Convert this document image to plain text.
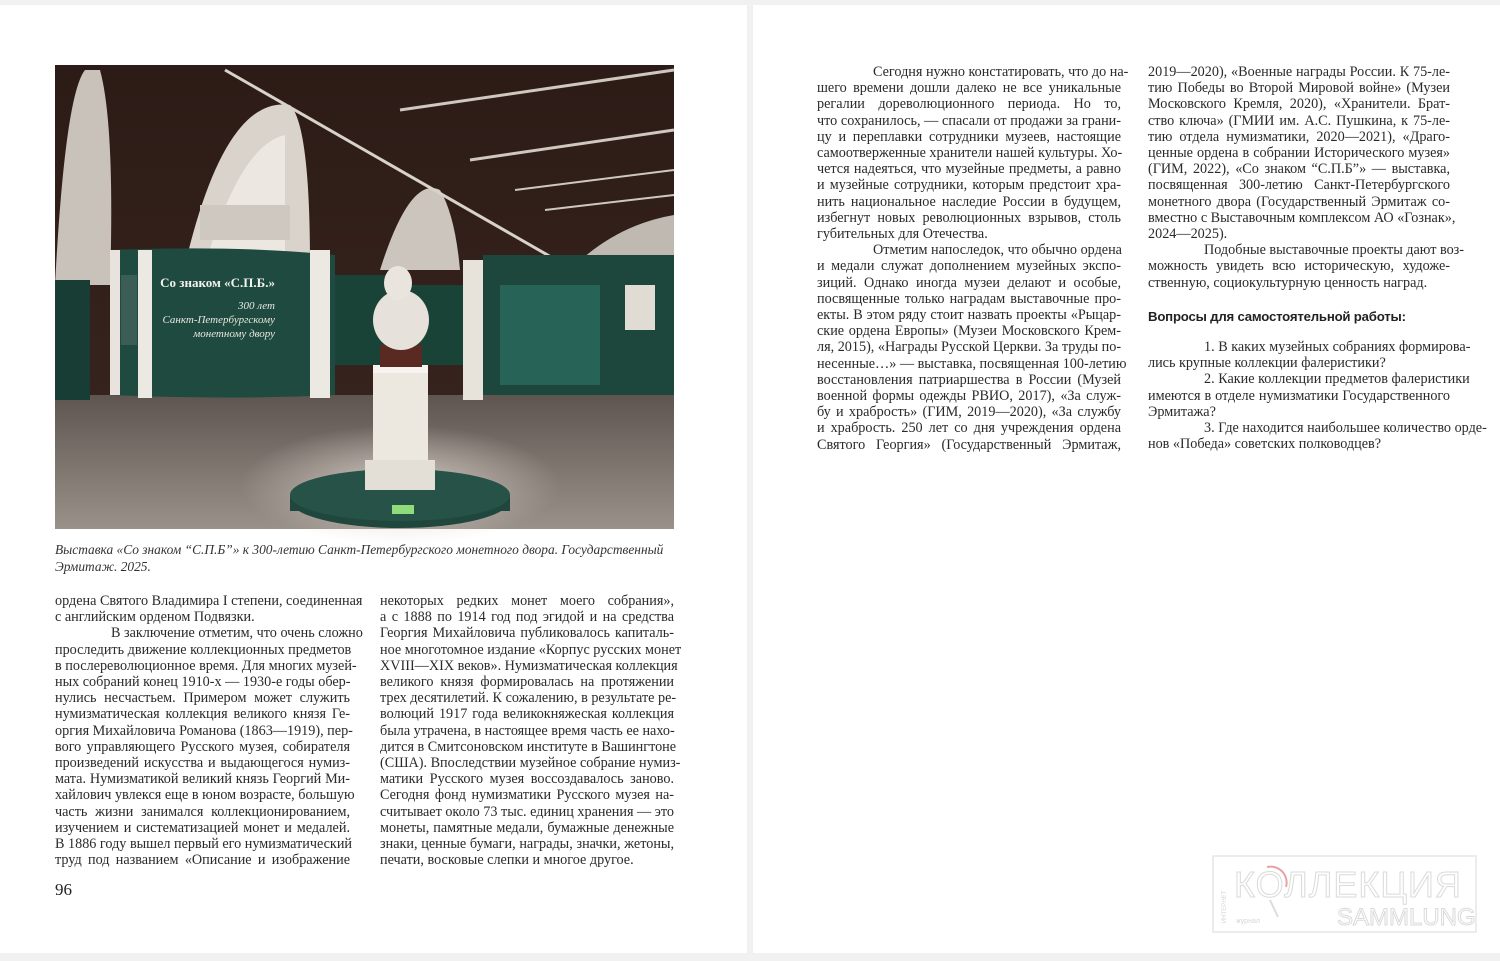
Со знаком «С.П.Б.»
300 лет
Санкт-Петербургскому
монетному двору
Выставка «Со знаком “С.П.Б”» к 300-летию Санкт-Петербургского монетного двора. Государственный Эрмитаж. 2025.
ордена Святого Владимира I степени, соединенная
с английским орденом Подвязки.
В заключение отметим, что очень сложно
проследить движение коллекционных предметов
в послереволюционное время. Для многих музей-
ных собраний конец 1910-х — 1930-е годы обер-
нулись несчастьем. Примером может служить
нумизматическая коллекция великого князя Ге-
оргия Михайловича Романова (1863—1919), пер-
вого управляющего Русского музея, собирателя
произведений искусства и выдающегося нумиз-
мата. Нумизматикой великий князь Георгий Ми-
хайлович увлекся еще в юном возрасте, большую
часть жизни занимался коллекционированием,
изучением и систематизацией монет и медалей.
В 1886 году вышел первый его нумизматический
труд под названием «Описание и изображение
некоторых редких монет моего собрания»,
а с 1888 по 1914 год под эгидой и на средства
Георгия Михайловича публиковалось капиталь-
ное многотомное издание «Корпус русских монет
XVIII—XIX веков». Нумизматическая коллекция
великого князя формировалась на протяжении
трех десятилетий. К сожалению, в результате ре-
волюций 1917 года великокняжеская коллекция
была утрачена, в настоящее время часть ее нахо-
дится в Смитсоновском институте в Вашингтоне
(США). Впоследствии музейное собрание нумиз-
матики Русского музея воссоздавалось заново.
Сегодня фонд нумизматики Русского музея на-
считывает около 73 тыс. единиц хранения — это
монеты, памятные медали, бумажные денежные
знаки, ценные бумаги, награды, значки, жетоны,
печати, восковые слепки и многое другое.
96
Сегодня нужно констатировать, что до на-
шего времени дошли далеко не все уникальные
регалии дореволюционного периода. Но то,
что сохранилось, — спасали от продажи за грани-
цу и переплавки сотрудники музеев, настоящие
самоотверженные хранители нашей культуры. Хо-
чется надеяться, что музейные предметы, а равно
и музейные сотрудники, которым предстоит хра-
нить национальное наследие России в будущем,
избегнут новых революционных взрывов, столь
губительных для Отечества.
Отметим напоследок, что обычно ордена
и медали служат дополнением музейных экспо-
зиций. Однако иногда музеи делают и особые,
посвященные только наградам выставочные про-
екты. В этом ряду стоит назвать проекты «Рыцар-
ские ордена Европы» (Музеи Московского Крем-
ля, 2015), «Награды Русской Церкви. За труды по-
несенные…» — выставка, посвященная 100-летию
восстановления патриаршества в России (Музей
военной формы одежды РВИО, 2017), «За служ-
бу и храбрость» (ГИМ, 2019—2020), «За службу
и храбрость. 250 лет со дня учреждения ордена
Святого Георгия» (Государственный Эрмитаж,
2019—2020), «Военные награды России. К 75-ле-
тию Победы во Второй Мировой войне» (Музеи
Московского Кремля, 2020), «Хранители. Брат-
ство ключа» (ГМИИ им. А.С. Пушкина, к 75-ле-
тию отдела нумизматики, 2020—2021), «Драго-
ценные ордена в собрании Исторического музея»
(ГИМ, 2022), «Со знаком “С.П.Б”» — выставка,
посвященная 300-летию Санкт-Петербургского
монетного двора (Государственный Эрмитаж со-
вместно с Выставочным комплексом АО «Гознак»,
2024—2025).
Подобные выставочные проекты дают воз-
можность увидеть всю историческую, художе-
ственную, социокультурную ценность наград.
Вопросы для самостоятельной работы:
1. В каких музейных собраниях формирова-
лись крупные коллекции фалеристики?
2. Какие коллекции предметов фалеристики
имеются в отделе нумизматики Государственного
Эрмитажа?
3. Где находится наибольшее количество орде-
нов «Победа» советских полководцев?
КОЛЛЕКЦИЯ
SAMMLUNG
журнал
ИНТЕРНЕТ
